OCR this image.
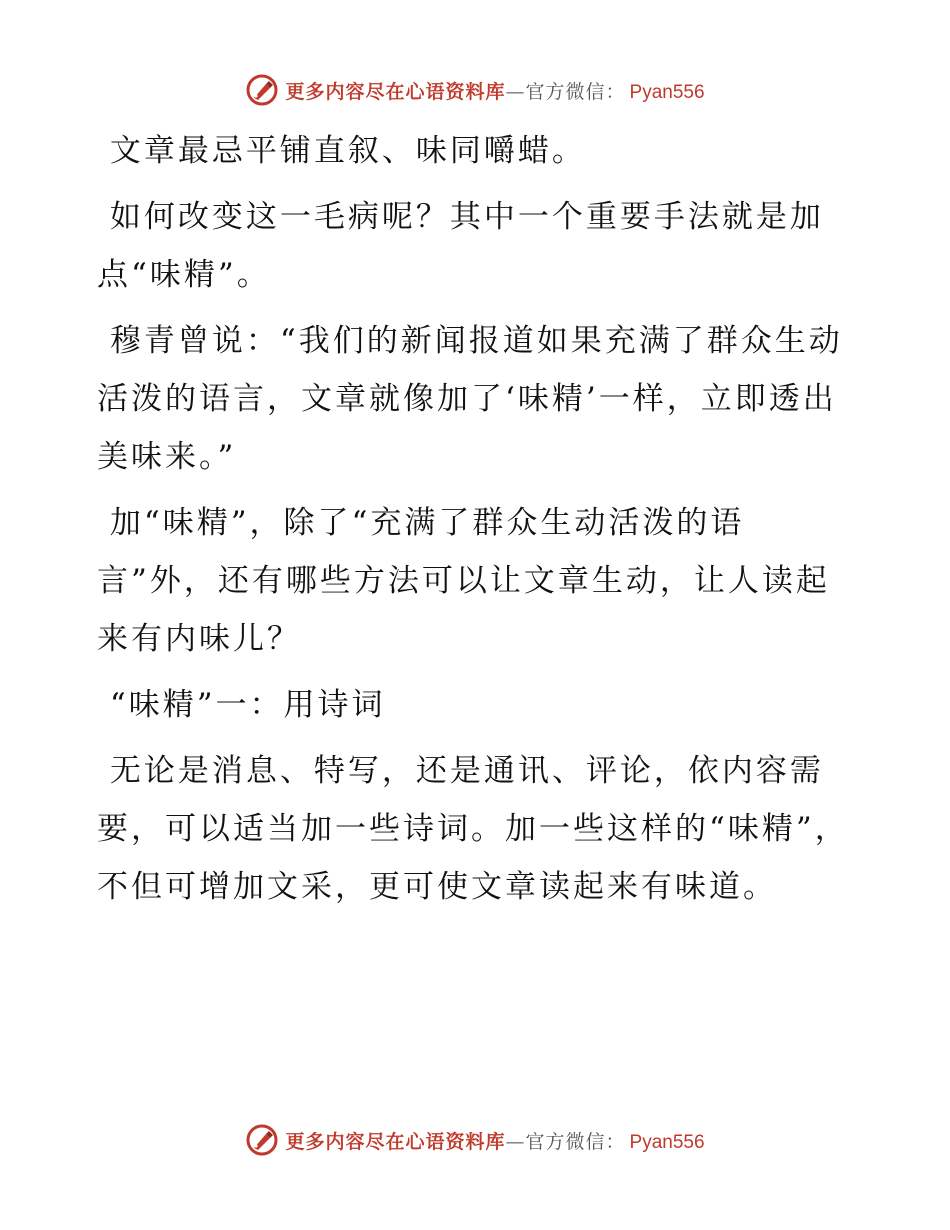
更多内容尽在心语资料库 — 官方微信 ： Pyan556

文章最忌平铺直叙、味同嚼蜡。

如何改变这一毛病呢？其中一个重要手法就是加点“味精”。

穆青曾说：“我们的新闻报道如果充满了群众生动活泼的语言，文章就像加了‘味精’一样，立即透出美味来。”

加“味精”，除了“充满了群众生动活泼的语言”外，还有哪些方法可以让文章生动，让人读起来有内味儿？

“味精”一：用诗词

无论是消息、特写，还是通讯、评论，依内容需要，可以适当加一些诗词。加一些这样的“味精”，不但可增加文采，更可使文章读起来有味道。

更多内容尽在心语资料库 — 官方微信 ： Pyan556
